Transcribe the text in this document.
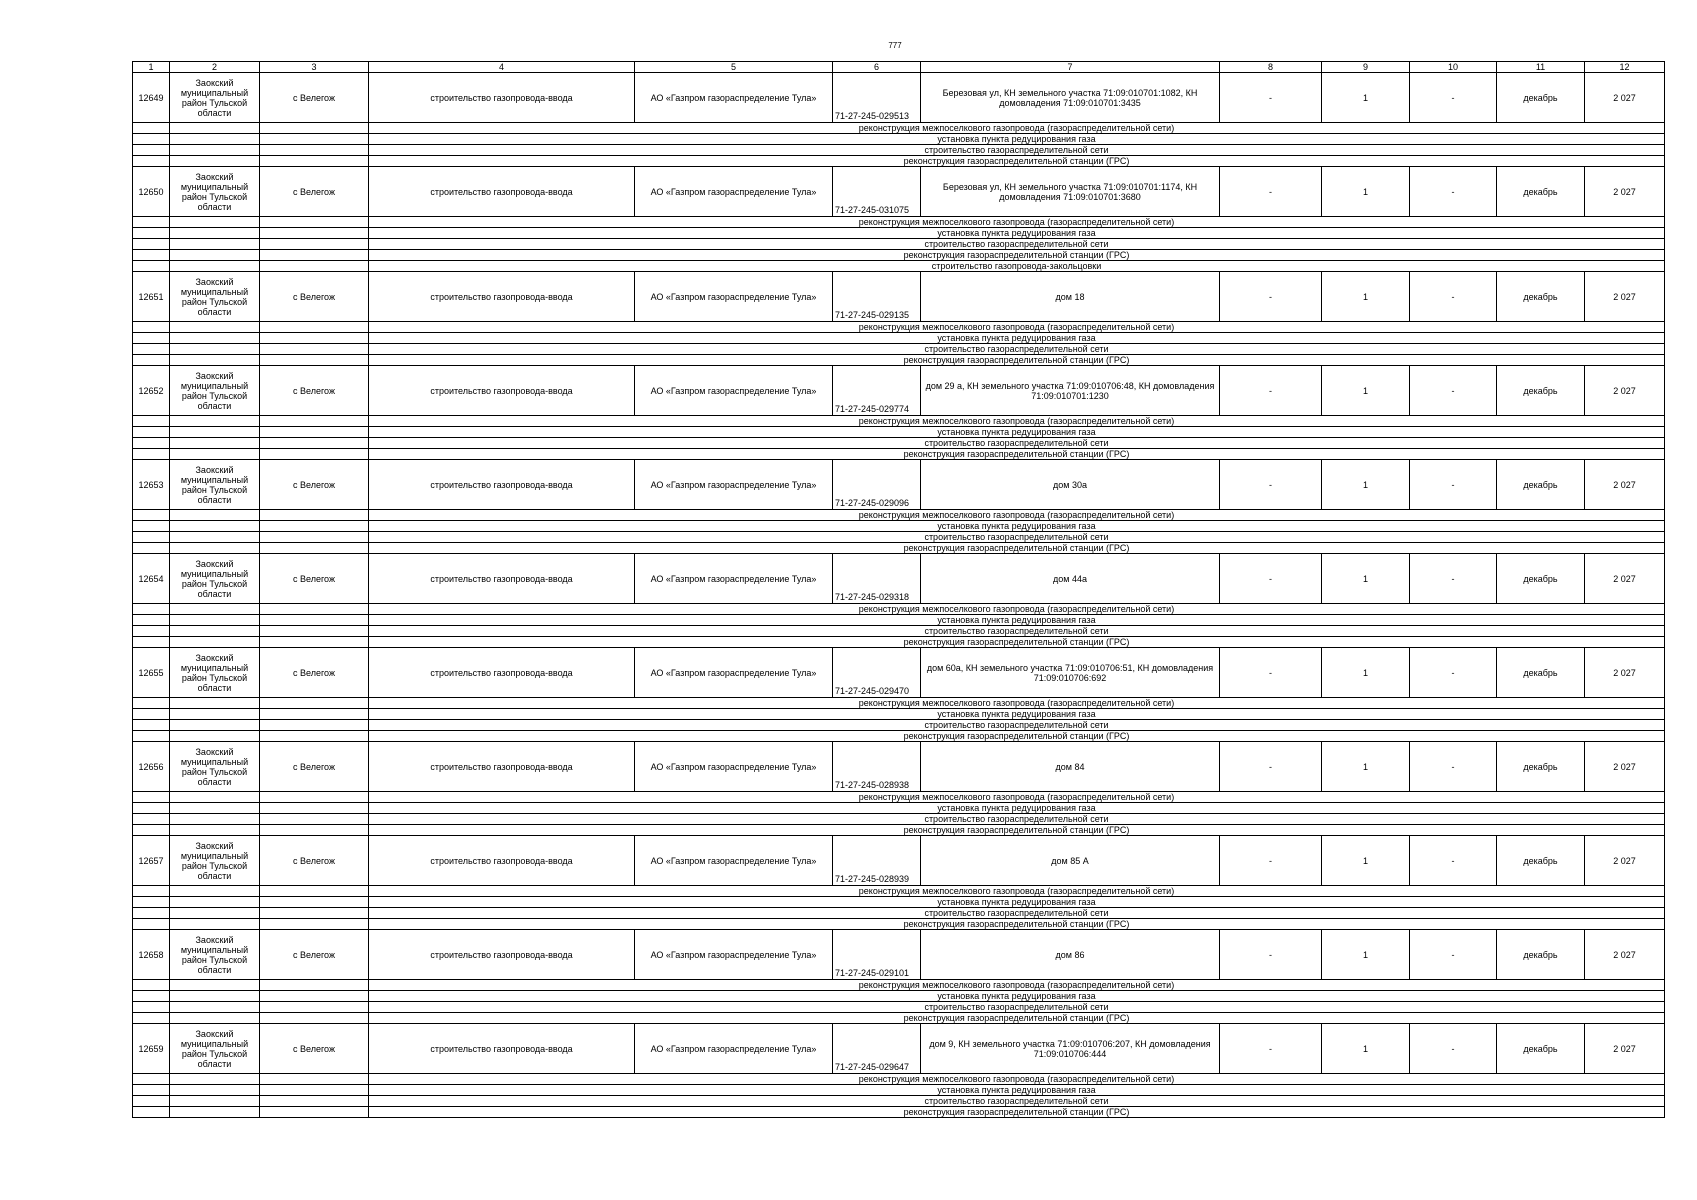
777
1	2	3	4	5	6	7	8	9	10	11	12
12649	Заокский муниципальный район Тульской области	с Велегож	строительство газопровода-ввода	АО «Газпром газораспределение Тула»	71-27-245-029513	Березовая ул, КН земельного участка 71:09:010701:1082, КН домовладения 71:09:010701:3435	-	1	-	декабрь	2 027
			реконструкция межпоселкового газопровода (газораспределительной сети)								
			установка пункта редуцирования газа								
			строительство газораспределительной сети								
			реконструкция газораспределительной станции (ГРС)								
12650	Заокский муниципальный район Тульской области	с Велегож	строительство газопровода-ввода	АО «Газпром газораспределение Тула»	71-27-245-031075	Березовая ул, КН земельного участка 71:09:010701:1174, КН домовладения 71:09:010701:3680	-	1	-	декабрь	2 027
			реконструкция межпоселкового газопровода (газораспределительной сети)								
			установка пункта редуцирования газа								
			строительство газораспределительной сети								
			реконструкция газораспределительной станции (ГРС)								
			строительство газопровода-закольцовки								
12651	Заокский муниципальный район Тульской области	с Велегож	строительство газопровода-ввода	АО «Газпром газораспределение Тула»	71-27-245-029135	дом 18	-	1	-	декабрь	2 027
			реконструкция межпоселкового газопровода (газораспределительной сети)								
			установка пункта редуцирования газа								
			строительство газораспределительной сети								
			реконструкция газораспределительной станции (ГРС)								
12652	Заокский муниципальный район Тульской области	с Велегож	строительство газопровода-ввода	АО «Газпром газораспределение Тула»	71-27-245-029774	дом 29 а, КН земельного участка 71:09:010706:48, КН домовладения 71:09:010701:1230	-	1	-	декабрь	2 027
			реконструкция межпоселкового газопровода (газораспределительной сети)								
			установка пункта редуцирования газа								
			строительство газораспределительной сети								
			реконструкция газораспределительной станции (ГРС)								
12653	Заокский муниципальный район Тульской области	с Велегож	строительство газопровода-ввода	АО «Газпром газораспределение Тула»	71-27-245-029096	дом 30а	-	1	-	декабрь	2 027
			реконструкция межпоселкового газопровода (газораспределительной сети)								
			установка пункта редуцирования газа								
			строительство газораспределительной сети								
			реконструкция газораспределительной станции (ГРС)								
12654	Заокский муниципальный район Тульской области	с Велегож	строительство газопровода-ввода	АО «Газпром газораспределение Тула»	71-27-245-029318	дом 44а	-	1	-	декабрь	2 027
			реконструкция межпоселкового газопровода (газораспределительной сети)								
			установка пункта редуцирования газа								
			строительство газораспределительной сети								
			реконструкция газораспределительной станции (ГРС)								
12655	Заокский муниципальный район Тульской области	с Велегож	строительство газопровода-ввода	АО «Газпром газораспределение Тула»	71-27-245-029470	дом 60а, КН земельного участка 71:09:010706:51, КН домовладения 71:09:010706:692	-	1	-	декабрь	2 027
			реконструкция межпоселкового газопровода (газораспределительной сети)								
			установка пункта редуцирования газа								
			строительство газораспределительной сети								
			реконструкция газораспределительной станции (ГРС)								
12656	Заокский муниципальный район Тульской области	с Велегож	строительство газопровода-ввода	АО «Газпром газораспределение Тула»	71-27-245-028938	дом 84	-	1	-	декабрь	2 027
			реконструкция межпоселкового газопровода (газораспределительной сети)								
			установка пункта редуцирования газа								
			строительство газораспределительной сети								
			реконструкция газораспределительной станции (ГРС)								
12657	Заокский муниципальный район Тульской области	с Велегож	строительство газопровода-ввода	АО «Газпром газораспределение Тула»	71-27-245-028939	дом 85 А	-	1	-	декабрь	2 027
			реконструкция межпоселкового газопровода (газораспределительной сети)								
			установка пункта редуцирования газа								
			строительство газораспределительной сети								
			реконструкция газораспределительной станции (ГРС)								
12658	Заокский муниципальный район Тульской области	с Велегож	строительство газопровода-ввода	АО «Газпром газораспределение Тула»	71-27-245-029101	дом 86	-	1	-	декабрь	2 027
			реконструкция межпоселкового газопровода (газораспределительной сети)								
			установка пункта редуцирования газа								
			строительство газораспределительной сети								
			реконструкция газораспределительной станции (ГРС)								
12659	Заокский муниципальный район Тульской области	с Велегож	строительство газопровода-ввода	АО «Газпром газораспределение Тула»	71-27-245-029647	дом 9, КН земельного участка 71:09:010706:207, КН домовладения 71:09:010706:444	-	1	-	декабрь	2 027
			реконструкция межпоселкового газопровода (газораспределительной сети)								
			установка пункта редуцирования газа								
			строительство газораспределительной сети								
			реконструкция газораспределительной станции (ГРС)								
